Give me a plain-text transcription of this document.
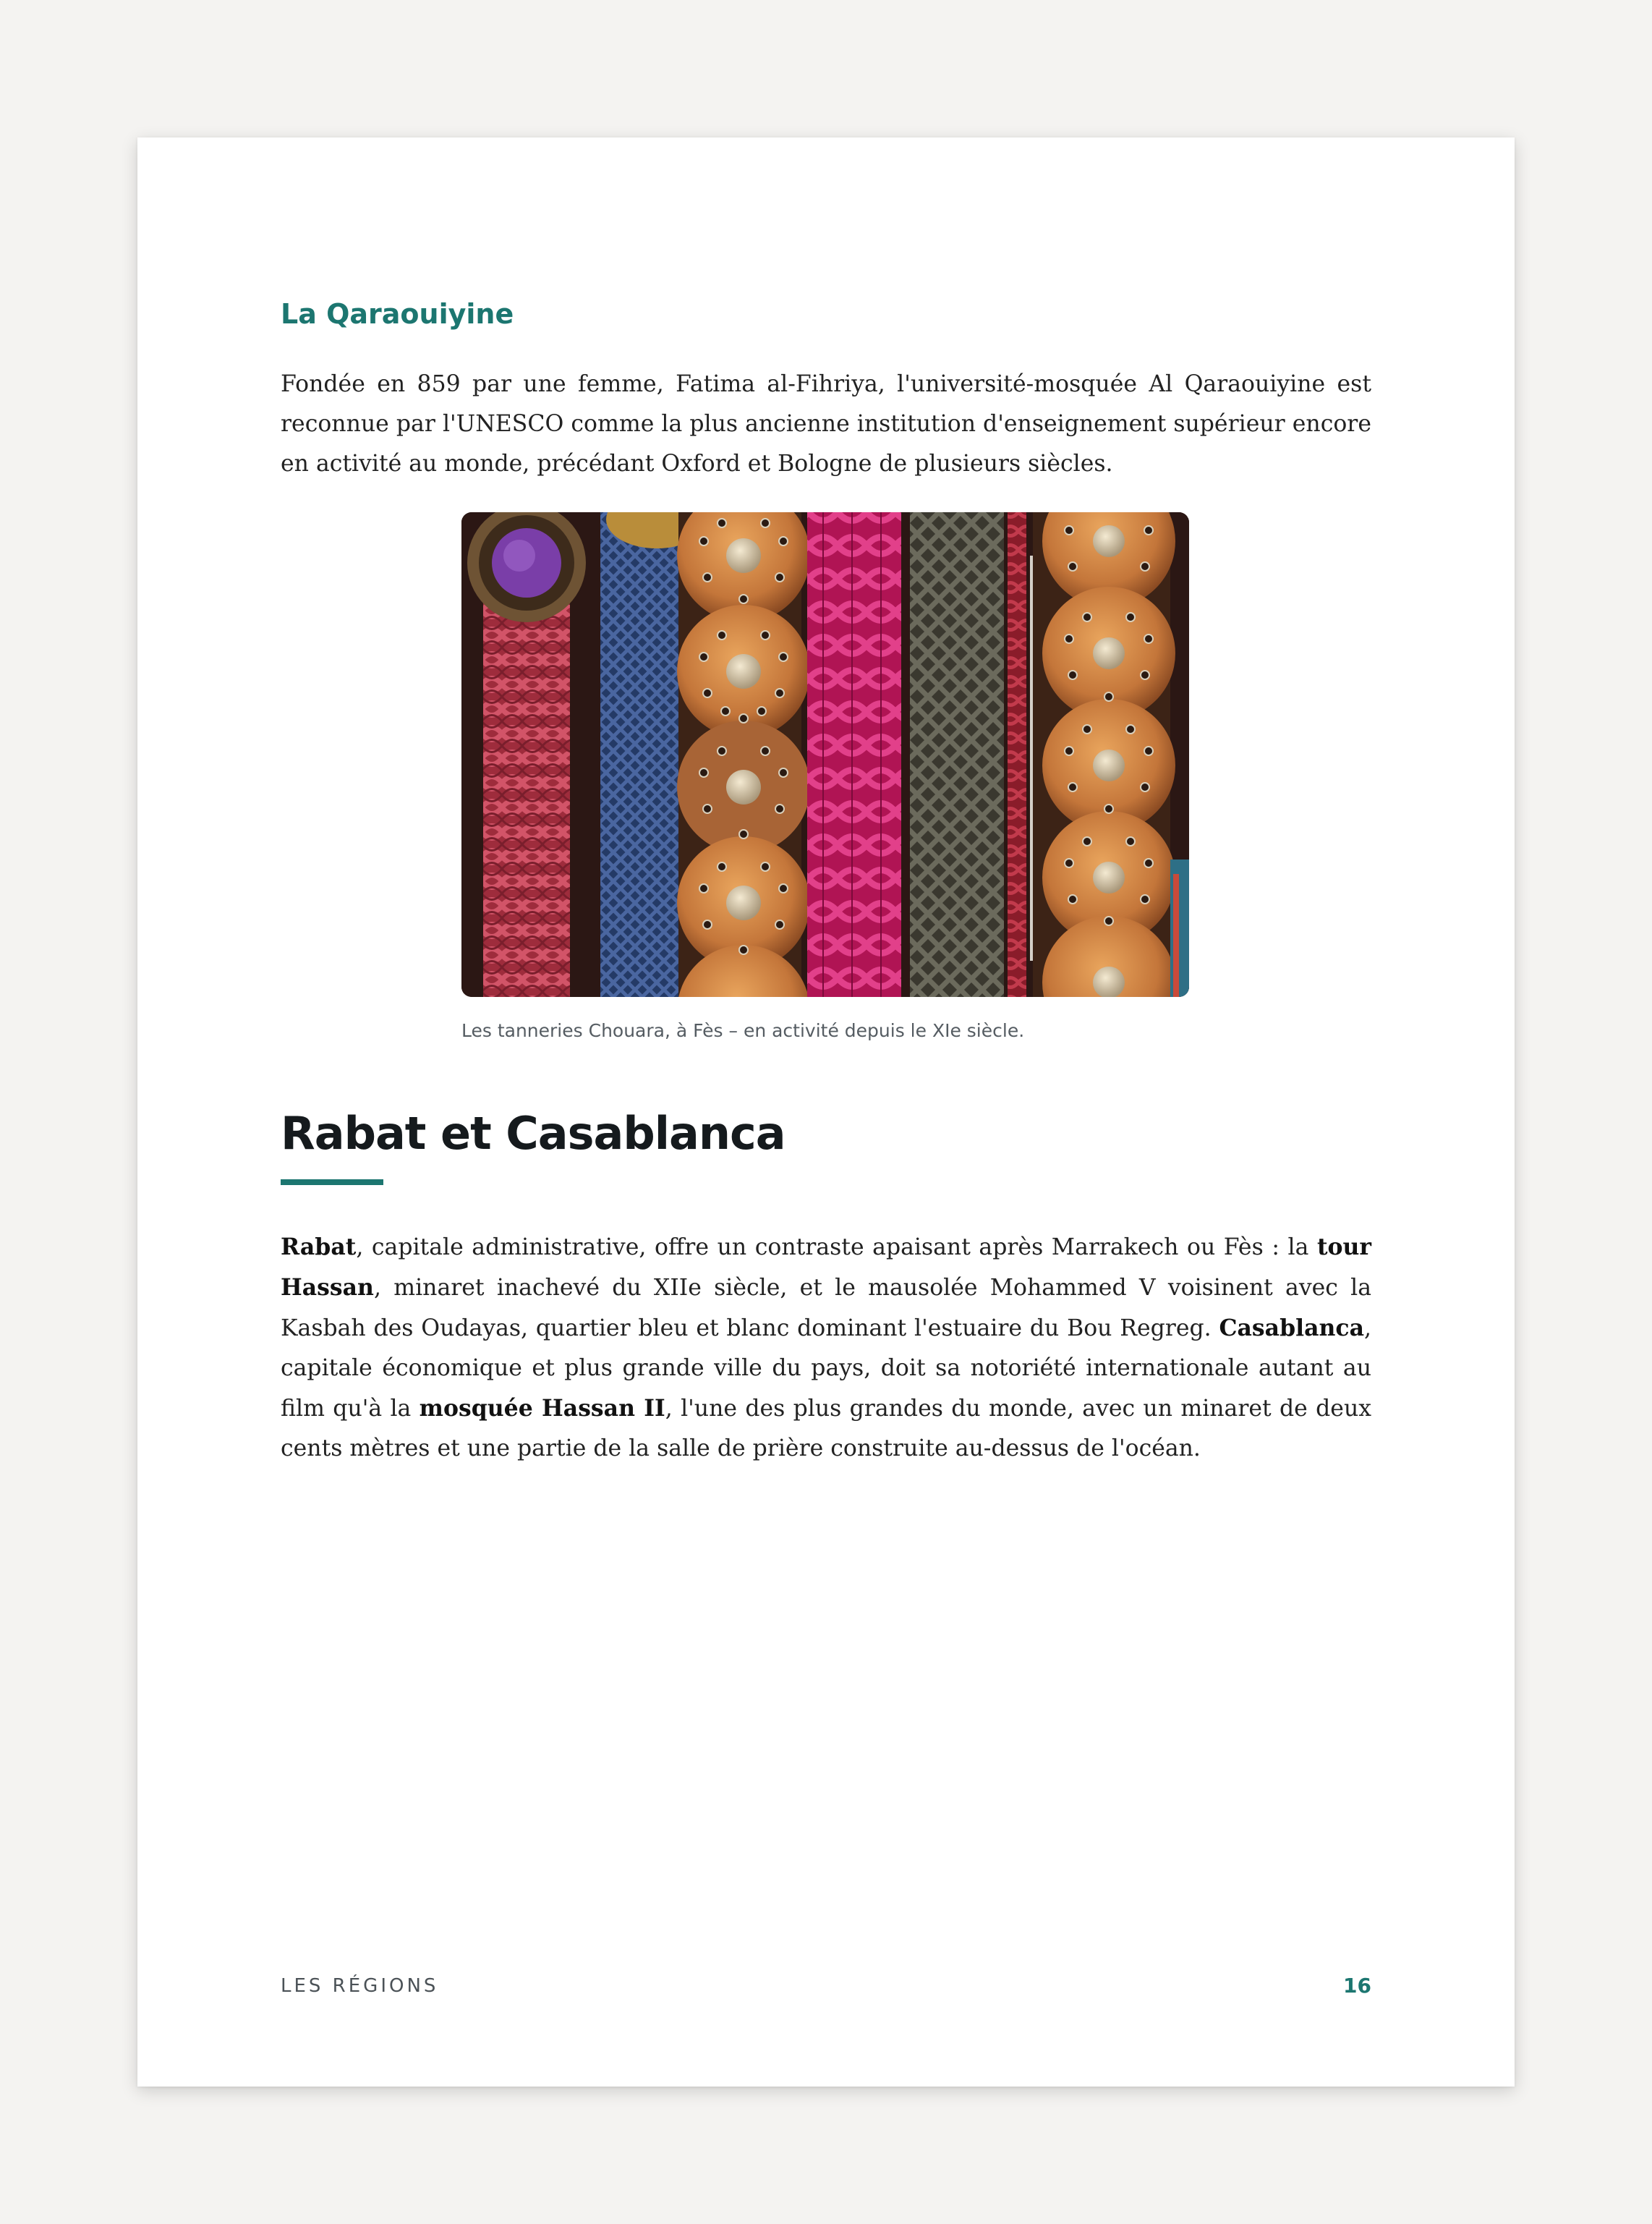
La Qaraouiyine

Fondée en 859 par une femme, Fatima al-Fihriya, l'université-mosquée Al Qaraouiyine est reconnue par l'UNESCO comme la plus ancienne institution d'enseignement supérieur encore en activité au monde, précédant Oxford et Bologne de plusieurs siècles.

Les tanneries Chouara, à Fès – en activité depuis le XIe siècle.

Rabat et Casablanca

Rabat, capitale administrative, offre un contraste apaisant après Marrakech ou Fès : la tour Hassan, minaret inachevé du XIIe siècle, et le mausolée Mohammed V voisinent avec la Kasbah des Oudayas, quartier bleu et blanc dominant l'estuaire du Bou Regreg. Casablanca, capitale économique et plus grande ville du pays, doit sa notoriété internationale autant au film qu'à la mosquée Hassan II, l'une des plus grandes du monde, avec un minaret de deux cents mètres et une partie de la salle de prière construite au-dessus de l'océan.

LES RÉGIONS	16
